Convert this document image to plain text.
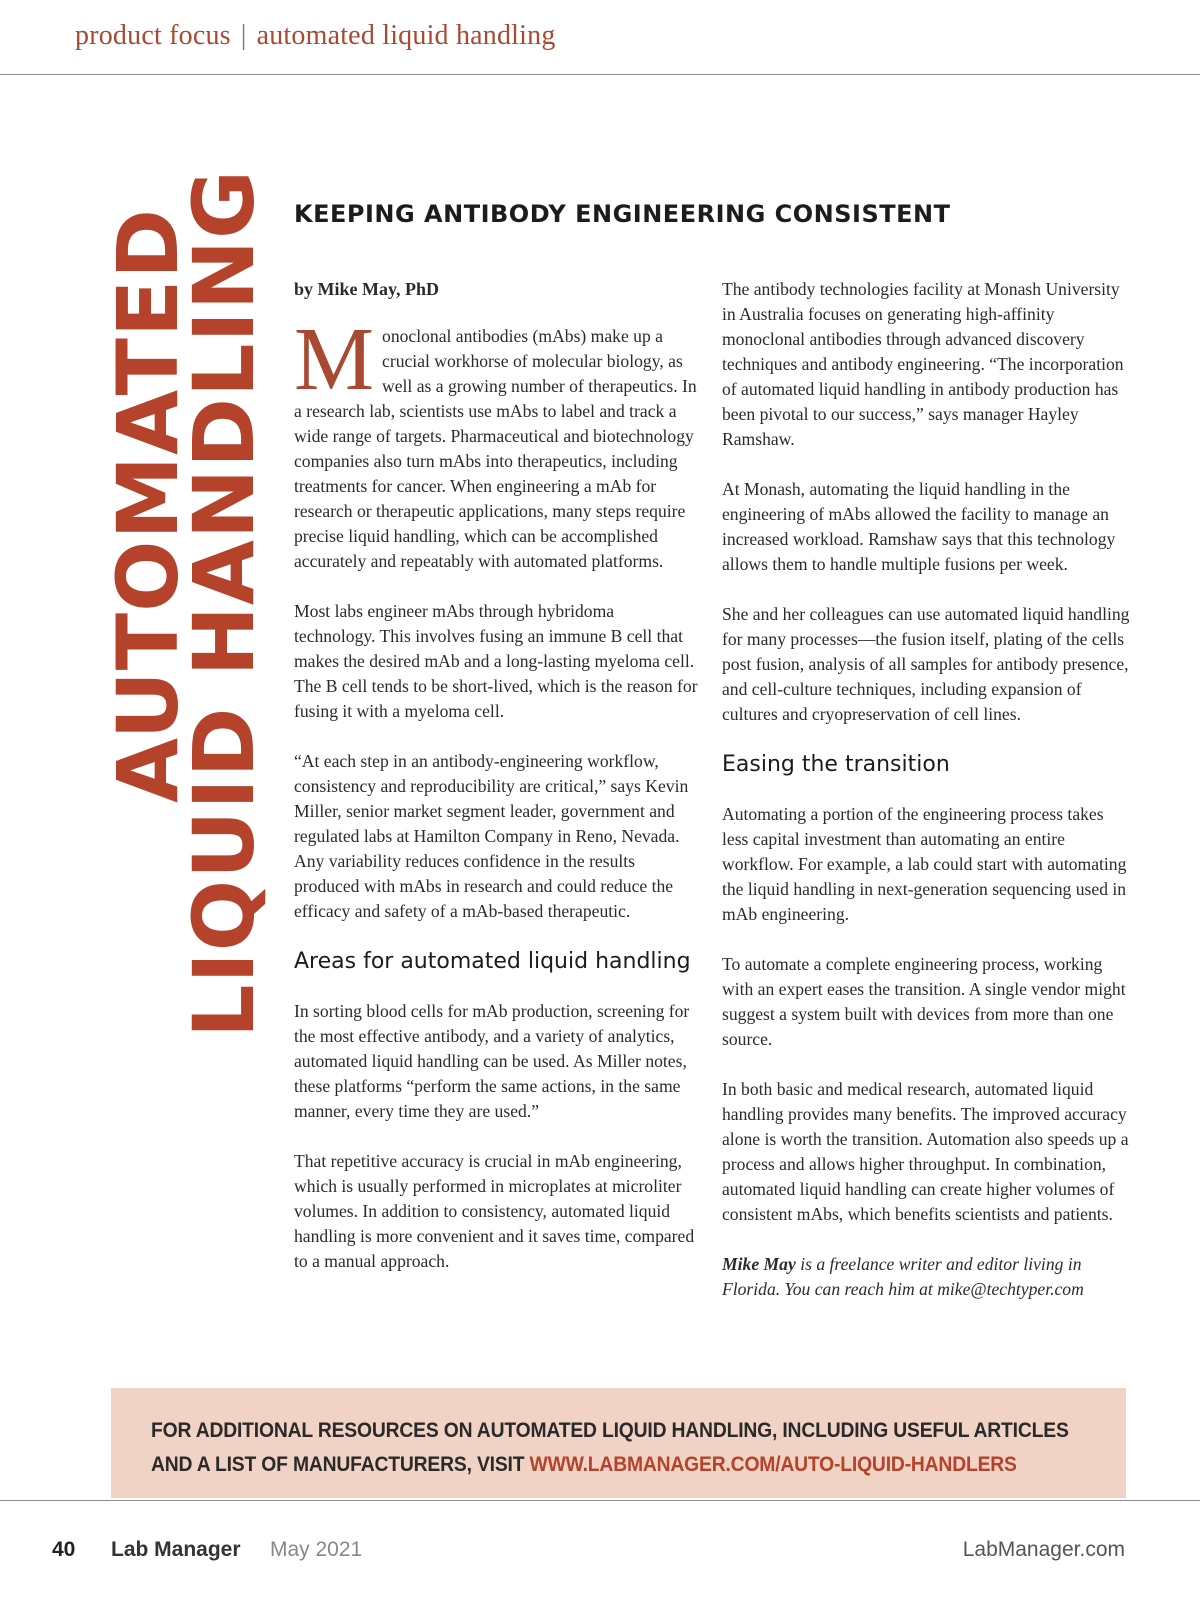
product focus | automated liquid handling
AUTOMATED
LIQUID HANDLING KEEPING ANTIBODY ENGINEERING CONSISTENT

by Mike May, PhD

Monoclonal antibodies (mAbs) make up a crucial workhorse of molecular biology, as well as a growing number of therapeutics. In a research lab, scientists use mAbs to label and track a wide range of targets. Pharmaceutical and biotechnology companies also turn mAbs into therapeutics, including treatments for cancer. When engineering a mAb for research or therapeutic applications, many steps require precise liquid handling, which can be accomplished accurately and repeatably with automated platforms.

Most labs engineer mAbs through hybridoma technology. This involves fusing an immune B cell that makes the desired mAb and a long-lasting myeloma cell. The B cell tends to be short-lived, which is the reason for fusing it with a myeloma cell.

“At each step in an antibody-engineering workflow, consistency and reproducibility are critical,” says Kevin Miller, senior market segment leader, government and regulated labs at Hamilton Company in Reno, Nevada. Any variability reduces confidence in the results produced with mAbs in research and could reduce the efficacy and safety of a mAb-based therapeutic.

Areas for automated liquid handling

In sorting blood cells for mAb production, screening for the most effective antibody, and a variety of analytics, automated liquid handling can be used. As Miller notes, these platforms “perform the same actions, in the same manner, every time they are used.”

That repetitive accuracy is crucial in mAb engineering, which is usually performed in microplates at microliter volumes. In addition to consistency, automated liquid handling is more convenient and it saves time, compared to a manual approach.

The antibody technologies facility at Monash University in Australia focuses on generating high-affinity monoclonal antibodies through advanced discovery techniques and antibody engineering. “The incorporation of automated liquid handling in antibody production has been pivotal to our success,” says manager Hayley Ramshaw.

At Monash, automating the liquid handling in the engineering of mAbs allowed the facility to manage an increased workload. Ramshaw says that this technology allows them to handle multiple fusions per week.

She and her colleagues can use automated liquid handling for many processes—the fusion itself, plating of the cells post fusion, analysis of all samples for antibody presence, and cell-culture techniques, including expansion of cultures and cryopreservation of cell lines.

Easing the transition

Automating a portion of the engineering process takes less capital investment than automating an entire workflow. For example, a lab could start with automating the liquid handling in next-generation sequencing used in mAb engineering.

To automate a complete engineering process, working with an expert eases the transition. A single vendor might suggest a system built with devices from more than one source.

In both basic and medical research, automated liquid handling provides many benefits. The improved accuracy alone is worth the transition. Automation also speeds up a process and allows higher throughput. In combination, automated liquid handling can create higher volumes of consistent mAbs, which benefits scientists and patients.

Mike May is a freelance writer and editor living in Florida. You can reach him at mike@techtyper.com

FOR ADDITIONAL RESOURCES ON AUTOMATED LIQUID HANDLING, INCLUDING USEFUL ARTICLES AND A LIST OF MANUFACTURERS, VISIT WWW.LABMANAGER.COM/AUTO-LIQUID-HANDLERS
40 Lab Manager May 2021	LabManager.com
